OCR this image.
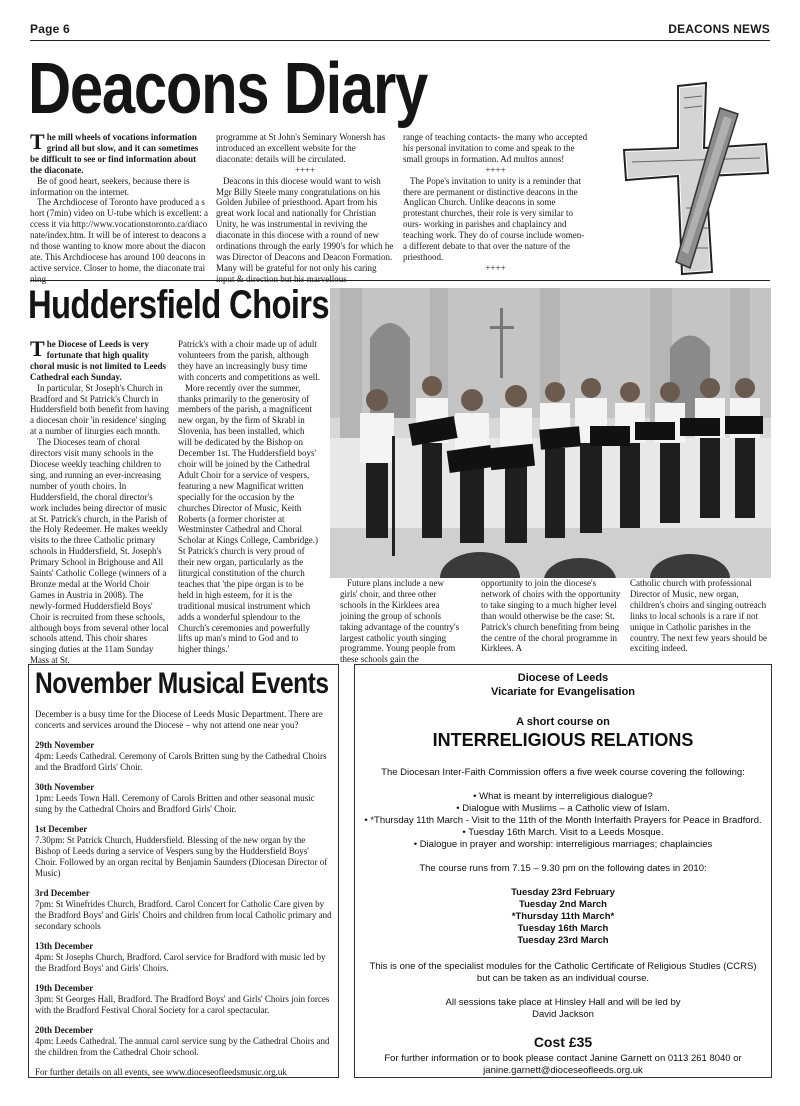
Page 6	DEACONS NEWS
Deacons Diary

The mill wheels of vocations information grind all but slow, and it can sometimes be difficult to see or find information about the diaconate.

Be of good heart, seekers, because there is information on the internet.

The Archdiocese of Toronto have produced a short (7min) video on U-tube which is excellent: access it via http://www.vocationstoronto.ca/diaconate/index.htm. It will be of interest to deacons and those wanting to know more about the diaconate. This Archdiocese has around 100 deacons in active service. Closer to home, the diaconate training

programme at St John's Seminary Wonersh has introduced an excellent website for the diaconate: details will be circulated.

++++

Deacons in this diocese would want to wish Mgr Billy Steele many congratulations on his Golden Jubilee of priesthood. Apart from his great work local and nationally for Christian Unity, he was instrumental in reviving the diaconate in this diocese with a round of new ordinations through the early 1990's for which he was Director of Deacons and Deacon Formation. Many will be grateful for not only his caring input & direction but his marvellous

range of teaching contacts- the many who accepted his personal invitation to come and speak to the small groups in formation. Ad multos annos!

++++

The Pope's invitation to unity is a reminder that there are permanent or distinctive deacons in the Anglican Church. Unlike deacons in some protestant churches, their role is very similar to ours- working in parishes and chaplaincy and teaching work. They do of course include women- a different debate to that over the nature of the priesthood.

++++

Huddersfield Choirs

The Diocese of Leeds is very fortunate that high quality choral music is not limited to Leeds Cathedral each Sunday.

In particular, St Joseph's Church in Bradford and St Patrick's Church in Huddersfield both benefit from having a diocesan choir 'in residence' singing at a number of liturgies each month.

The Dioceses team of choral directors visit many schools in the Diocese weekly teaching children to sing, and running an ever-increasing number of youth choirs. In Huddersfield, the choral director's work includes being director of music at St. Patrick's church, in the Parish of the Holy Redeemer. He makes weekly visits to the three Catholic primary schools in Huddersfield, St. Joseph's Primary School in Brighouse and All Saints' Catholic College (winners of a Bronze medal at the World Choir Games in Austria in 2008). The newly-formed Huddersfield Boys' Choir is recruited from these schools, although boys from several other local schools attend. This choir shares singing duties at the 11am Sunday Mass at St.

Patrick's with a choir made up of adult volunteers from the parish, although they have an increasingly busy time with concerts and competitions as well.

More recently over the summer, thanks primarily to the generosity of members of the parish, a magnificent new organ, by the firm of Skrabl in Slovenia, has been installed, which will be dedicated by the Bishop on December 1st. The Huddersfield boys' choir will be joined by the Cathedral Adult Choir for a service of vespers, featuring a new Magnificat written specially for the occasion by the churches Director of Music, Keith Roberts (a former chorister at Westminster Cathedral and Choral Scholar at Kings College, Cambridge.) St Patrick's church is very proud of their new organ, particularly as the liturgical constitution of the church teaches that 'the pipe organ is to be held in high esteem, for it is the traditional musical instrument which adds a wonderful splendour to the Church's ceremonies and powerfully lifts up man's mind to God and to higher things.'

Future plans include a new girls' choir, and three other schools in the Kirklees area joining the group of schools taking advantage of the country's largest catholic youth singing programme. Young people from these schools gain the

opportunity to join the diocese's network of choirs with the opportunity to take singing to a much higher level than would otherwise be the case: St. Patrick's church benefiting from being the centre of the choral programme in Kirklees. A

Catholic church with professional Director of Music, new organ, children's choirs and singing outreach links to local schools is a rare if not unique in Catholic parishes in the country. The next few years should be exciting indeed.

November Musical Events
December is a busy time for the Diocese of Leeds Music Department. There are concerts and services around the Diocese – why not attend one near you?
29th November
4pm: Leeds Cathedral. Ceremony of Carols Britten sung by the Cathedral Choirs and the Bradford Girls' Choir.
30th November
1pm: Leeds Town Hall. Ceremony of Carols Britten and other seasonal music sung by the Cathedral Choirs and Bradford Girls' Choir.
1st December
7.30pm: St Patrick Church, Huddersfield. Blessing of the new organ by the Bishop of Leeds during a service of Vespers sung by the Huddersfield Boys' Choir. Followed by an organ recital by Benjamin Saunders (Diocesan Director of Music)
3rd December
7pm: St Winefrides Church, Bradford. Carol Concert for Catholic Care given by the Bradford Boys' and Girls' Choirs and children from local Catholic primary and secondary schools
13th December
4pm: St Josephs Church, Bradford. Carol service for Bradford with music led by the Bradford Boys' and Girls' Choirs.
19th December
3pm: St Georges Hall, Bradford. The Bradford Boys' and Girls' Choirs join forces with the Bradford Festival Choral Society for a carol spectacular.
20th December
4pm: Leeds Cathedral. The annual carol service sung by the Cathedral Choirs and the children from the Cathedral Choir school.
For further details on all events, see www.dioceseofleedsmusic.org.uk
Diocese of Leeds
Vicariate for Evangelisation
A short course on
INTERRELIGIOUS RELATIONS
The Diocesan Inter-Faith Commission offers a five week course covering the following:
• What is meant by interreligious dialogue?
• Dialogue with Muslims – a Catholic view of Islam.
• *Thursday 11th March - Visit to the 11th of the Month Interfaith Prayers for Peace in Bradford.
• Tuesday 16th March. Visit to a Leeds Mosque.
• Dialogue in prayer and worship: interreligious marriages; chaplaincies
The course runs from 7.15 – 9.30 pm on the following dates in 2010:
Tuesday 23rd February
Tuesday 2nd March
*Thursday 11th March*
Tuesday 16th March
Tuesday 23rd March
This is one of the specialist modules for the Catholic Certificate of Religious Studies (CCRS)
but can be taken as an individual course.
All sessions take place at Hinsley Hall and will be led by
David Jackson
Cost £35
For further information or to book please contact Janine Garnett on 0113 261 8040 or
janine.garnett@dioceseofleeds.org.uk
